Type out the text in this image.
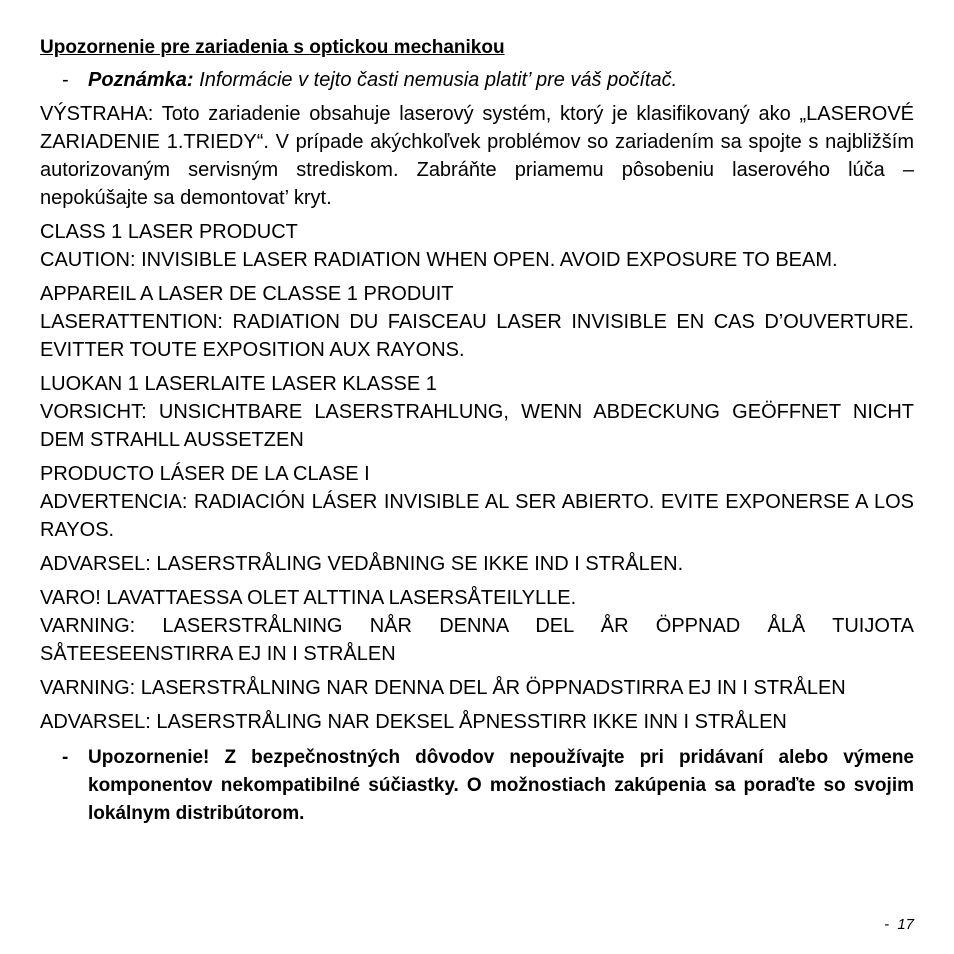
Upozornenie pre zariadenia s optickou mechanikou
- Poznámka: Informácie v tejto časti nemusia platit’ pre váš počítač.

VÝSTRAHA: Toto zariadenie obsahuje laserový systém, ktorý je klasifikovaný ako „LASEROVÉ ZARIADENIE 1.TRIEDY“. V prípade akýchkoľvek problémov so zariadením sa spojte s najbližším autorizovaným servisným strediskom. Zabráňte priamemu pôsobeniu laserového lúča – nepokúšajte sa demontovat’ kryt.

CLASS 1 LASER PRODUCT
CAUTION: INVISIBLE LASER RADIATION WHEN OPEN. AVOID EXPOSURE TO BEAM.

APPAREIL A LASER DE CLASSE 1 PRODUIT
LASERATTENTION: RADIATION DU FAISCEAU LASER INVISIBLE EN CAS D’OUVERTURE. EVITTER TOUTE EXPOSITION AUX RAYONS.

LUOKAN 1 LASERLAITE LASER KLASSE 1
VORSICHT: UNSICHTBARE LASERSTRAHLUNG, WENN ABDECKUNG GEÖFFNET NICHT DEM STRAHLL AUSSETZEN

PRODUCTO LÁSER DE LA CLASE I
ADVERTENCIA: RADIACIÓN LÁSER INVISIBLE AL SER ABIERTO. EVITE EXPONERSE A LOS RAYOS.

ADVARSEL: LASERSTRÅLING VEDÅBNING SE IKKE IND I STRÅLEN.

VARO! LAVATTAESSA OLET ALTTINA LASERSÅTEILYLLE.
VARNING: LASERSTRÅLNING NÅR DENNA DEL ÅR ÖPPNAD ÅLÅ TUIJOTA SÅTEESEENSTIRRA EJ IN I STRÅLEN

VARNING: LASERSTRÅLNING NAR DENNA DEL ÅR ÖPPNADSTIRRA EJ IN I STRÅLEN

ADVARSEL: LASERSTRÅLING NAR DEKSEL ÅPNESSTIRR IKKE INN I STRÅLEN

- Upozornenie! Z bezpečnostných dôvodov nepoužívajte pri pridávaní alebo výmene komponentov nekompatibilné súčiastky. O možnostiach zakúpenia sa poraďte so svojim lokálnym distribútorom.
- 17
